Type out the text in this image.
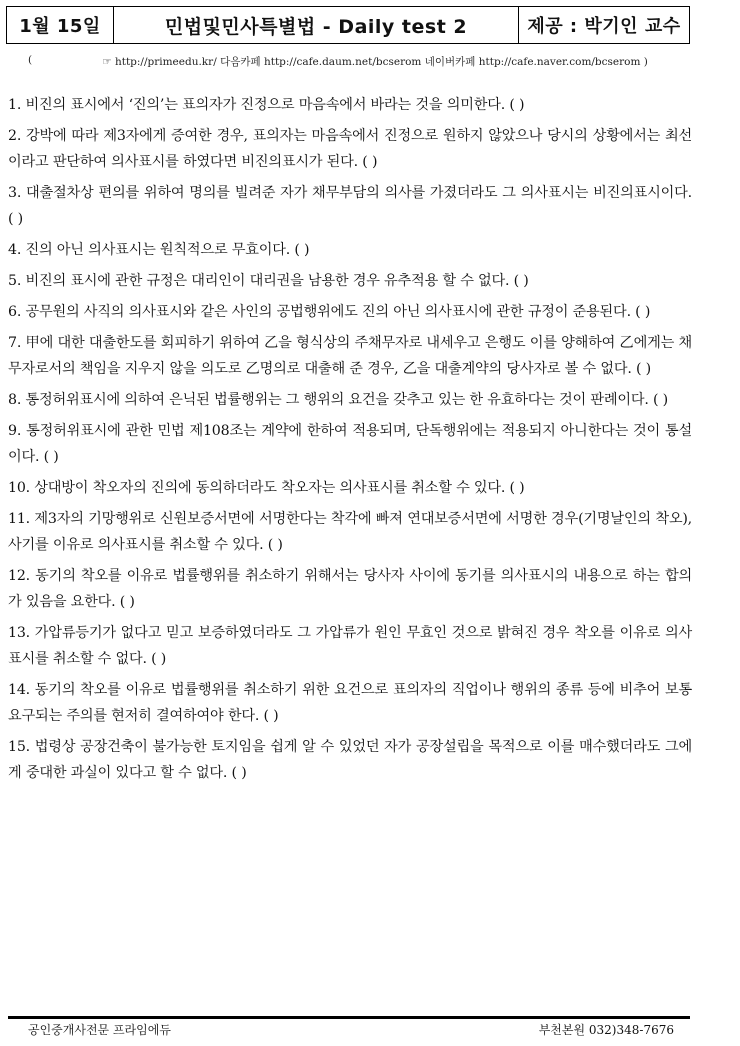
1월 15일	민법및민사특별법 - Daily test 2	제공 : 박기인 교수
(	☞ http://primeedu.kr/ 다음카페 http://cafe.daum.net/bcserom 네이버카페 http://cafe.naver.com/bcserom )

1. 비진의 표시에서 ‘진의’는 표의자가 진정으로 마음속에서 바라는 것을 의미한다. ( )

2. 강박에 따라 제3자에게 증여한 경우, 표의자는 마음속에서 진정으로 원하지 않았으나 당시의 상황에서는 최선이라고 판단하여 의사표시를 하였다면 비진의표시가 된다. ( )

3. 대출절차상 편의를 위하여 명의를 빌려준 자가 채무부담의 의사를 가졌더라도 그 의사표시는 비진의표시이다. ( )

4. 진의 아닌 의사표시는 원칙적으로 무효이다. ( )

5. 비진의 표시에 관한 규정은 대리인이 대리권을 남용한 경우 유추적용 할 수 없다. ( )

6. 공무원의 사직의 의사표시와 같은 사인의 공법행위에도 진의 아닌 의사표시에 관한 규정이 준용된다. ( )

7. 甲에 대한 대출한도를 회피하기 위하여 乙을 형식상의 주채무자로 내세우고 은행도 이를 양해하여 乙에게는 채무자로서의 책임을 지우지 않을 의도로 乙명의로 대출해 준 경우, 乙을 대출계약의 당사자로 볼 수 없다. ( )

8. 통정허위표시에 의하여 은닉된 법률행위는 그 행위의 요건을 갖추고 있는 한 유효하다는 것이 판례이다. ( )

9. 통정허위표시에 관한 민법 제108조는 계약에 한하여 적용되며, 단독행위에는 적용되지 아니한다는 것이 통설이다. ( )

10. 상대방이 착오자의 진의에 동의하더라도 착오자는 의사표시를 취소할 수 있다. ( )

11. 제3자의 기망행위로 신원보증서면에 서명한다는 착각에 빠져 연대보증서면에 서명한 경우(기명날인의 착오), 사기를 이유로 의사표시를 취소할 수 있다. ( )

12. 동기의 착오를 이유로 법률행위를 취소하기 위해서는 당사자 사이에 동기를 의사표시의 내용으로 하는 합의가 있음을 요한다. ( )

13. 가압류등기가 없다고 믿고 보증하였더라도 그 가압류가 원인 무효인 것으로 밝혀진 경우 착오를 이유로 의사표시를 취소할 수 없다. ( )

14. 동기의 착오를 이유로 법률행위를 취소하기 위한 요건으로 표의자의 직업이나 행위의 종류 등에 비추어 보통 요구되는 주의를 현저히 결여하여야 한다. ( )

15. 법령상 공장건축이 불가능한 토지임을 쉽게 알 수 있었던 자가 공장설립을 목적으로 이를 매수했더라도 그에게 중대한 과실이 있다고 할 수 없다. ( )

공인중개사전문 프라임에듀	부천본원 032)348-7676
